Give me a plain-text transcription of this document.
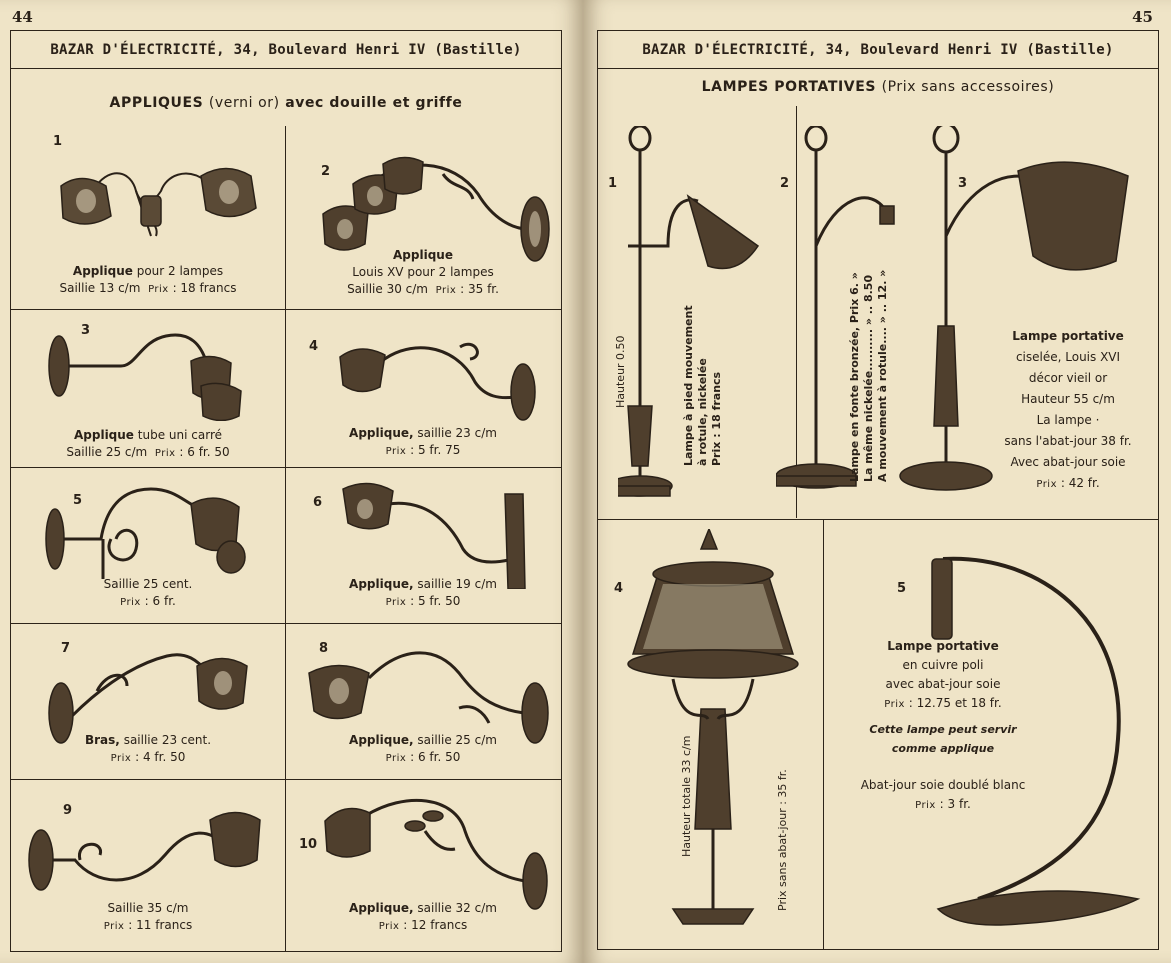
44
BAZAR D'ÉLECTRICITÉ, 34, Boulevard Henri IV (Bastille)
APPLIQUES (verni or) avec douille et griffe
1
Applique pour 2 lampes
Saillie 13 c/m Prix : 18 francs
2
Applique
Louis XV pour 2 lampes
Saillie 30 c/m Prix : 35 fr.
3
Applique tube uni carré
Saillie 25 c/m Prix : 6 fr. 50
4
Applique, saillie 23 c/m
Prix : 5 fr. 75
5
Saillie 25 cent.
Prix : 6 fr.
6
Applique, saillie 19 c/m
Prix : 5 fr. 50
7
Bras, saillie 23 cent.
Prix : 4 fr. 50
8
Applique, saillie 25 c/m
Prix : 6 fr. 50
9
Saillie 35 c/m
Prix : 11 francs
10
Applique, saillie 32 c/m
Prix : 12 francs
45
BAZAR D'ÉLECTRICITÉ, 34, Boulevard Henri IV (Bastille)
LAMPES PORTATIVES (Prix sans accessoires)
1
Hauteur 0.50	Lampe à pied mouvement à rotule, nickelée Prix : 18 francs
2
Lampe en fonte bronzée, Prix 6. » La même nickelée.......... » .. 8.50 A mouvement à rotule.... » .. 12. »
3
Lampe portative
ciselée, Louis XVI
décor vieil or
Hauteur 55 c/m
La lampe ·
sans l'abat-jour 38 fr.
Avec abat-jour soie
Prix : 42 fr.
4
Hauteur totale 33 c/m	Prix sans abat-jour : 35 fr.
5
Lampe portative
en cuivre poli
avec abat-jour soie
Prix : 12.75 et 18 fr.
Cette lampe peut servir
comme applique
Abat-jour soie doublé blanc
Prix : 3 fr.
